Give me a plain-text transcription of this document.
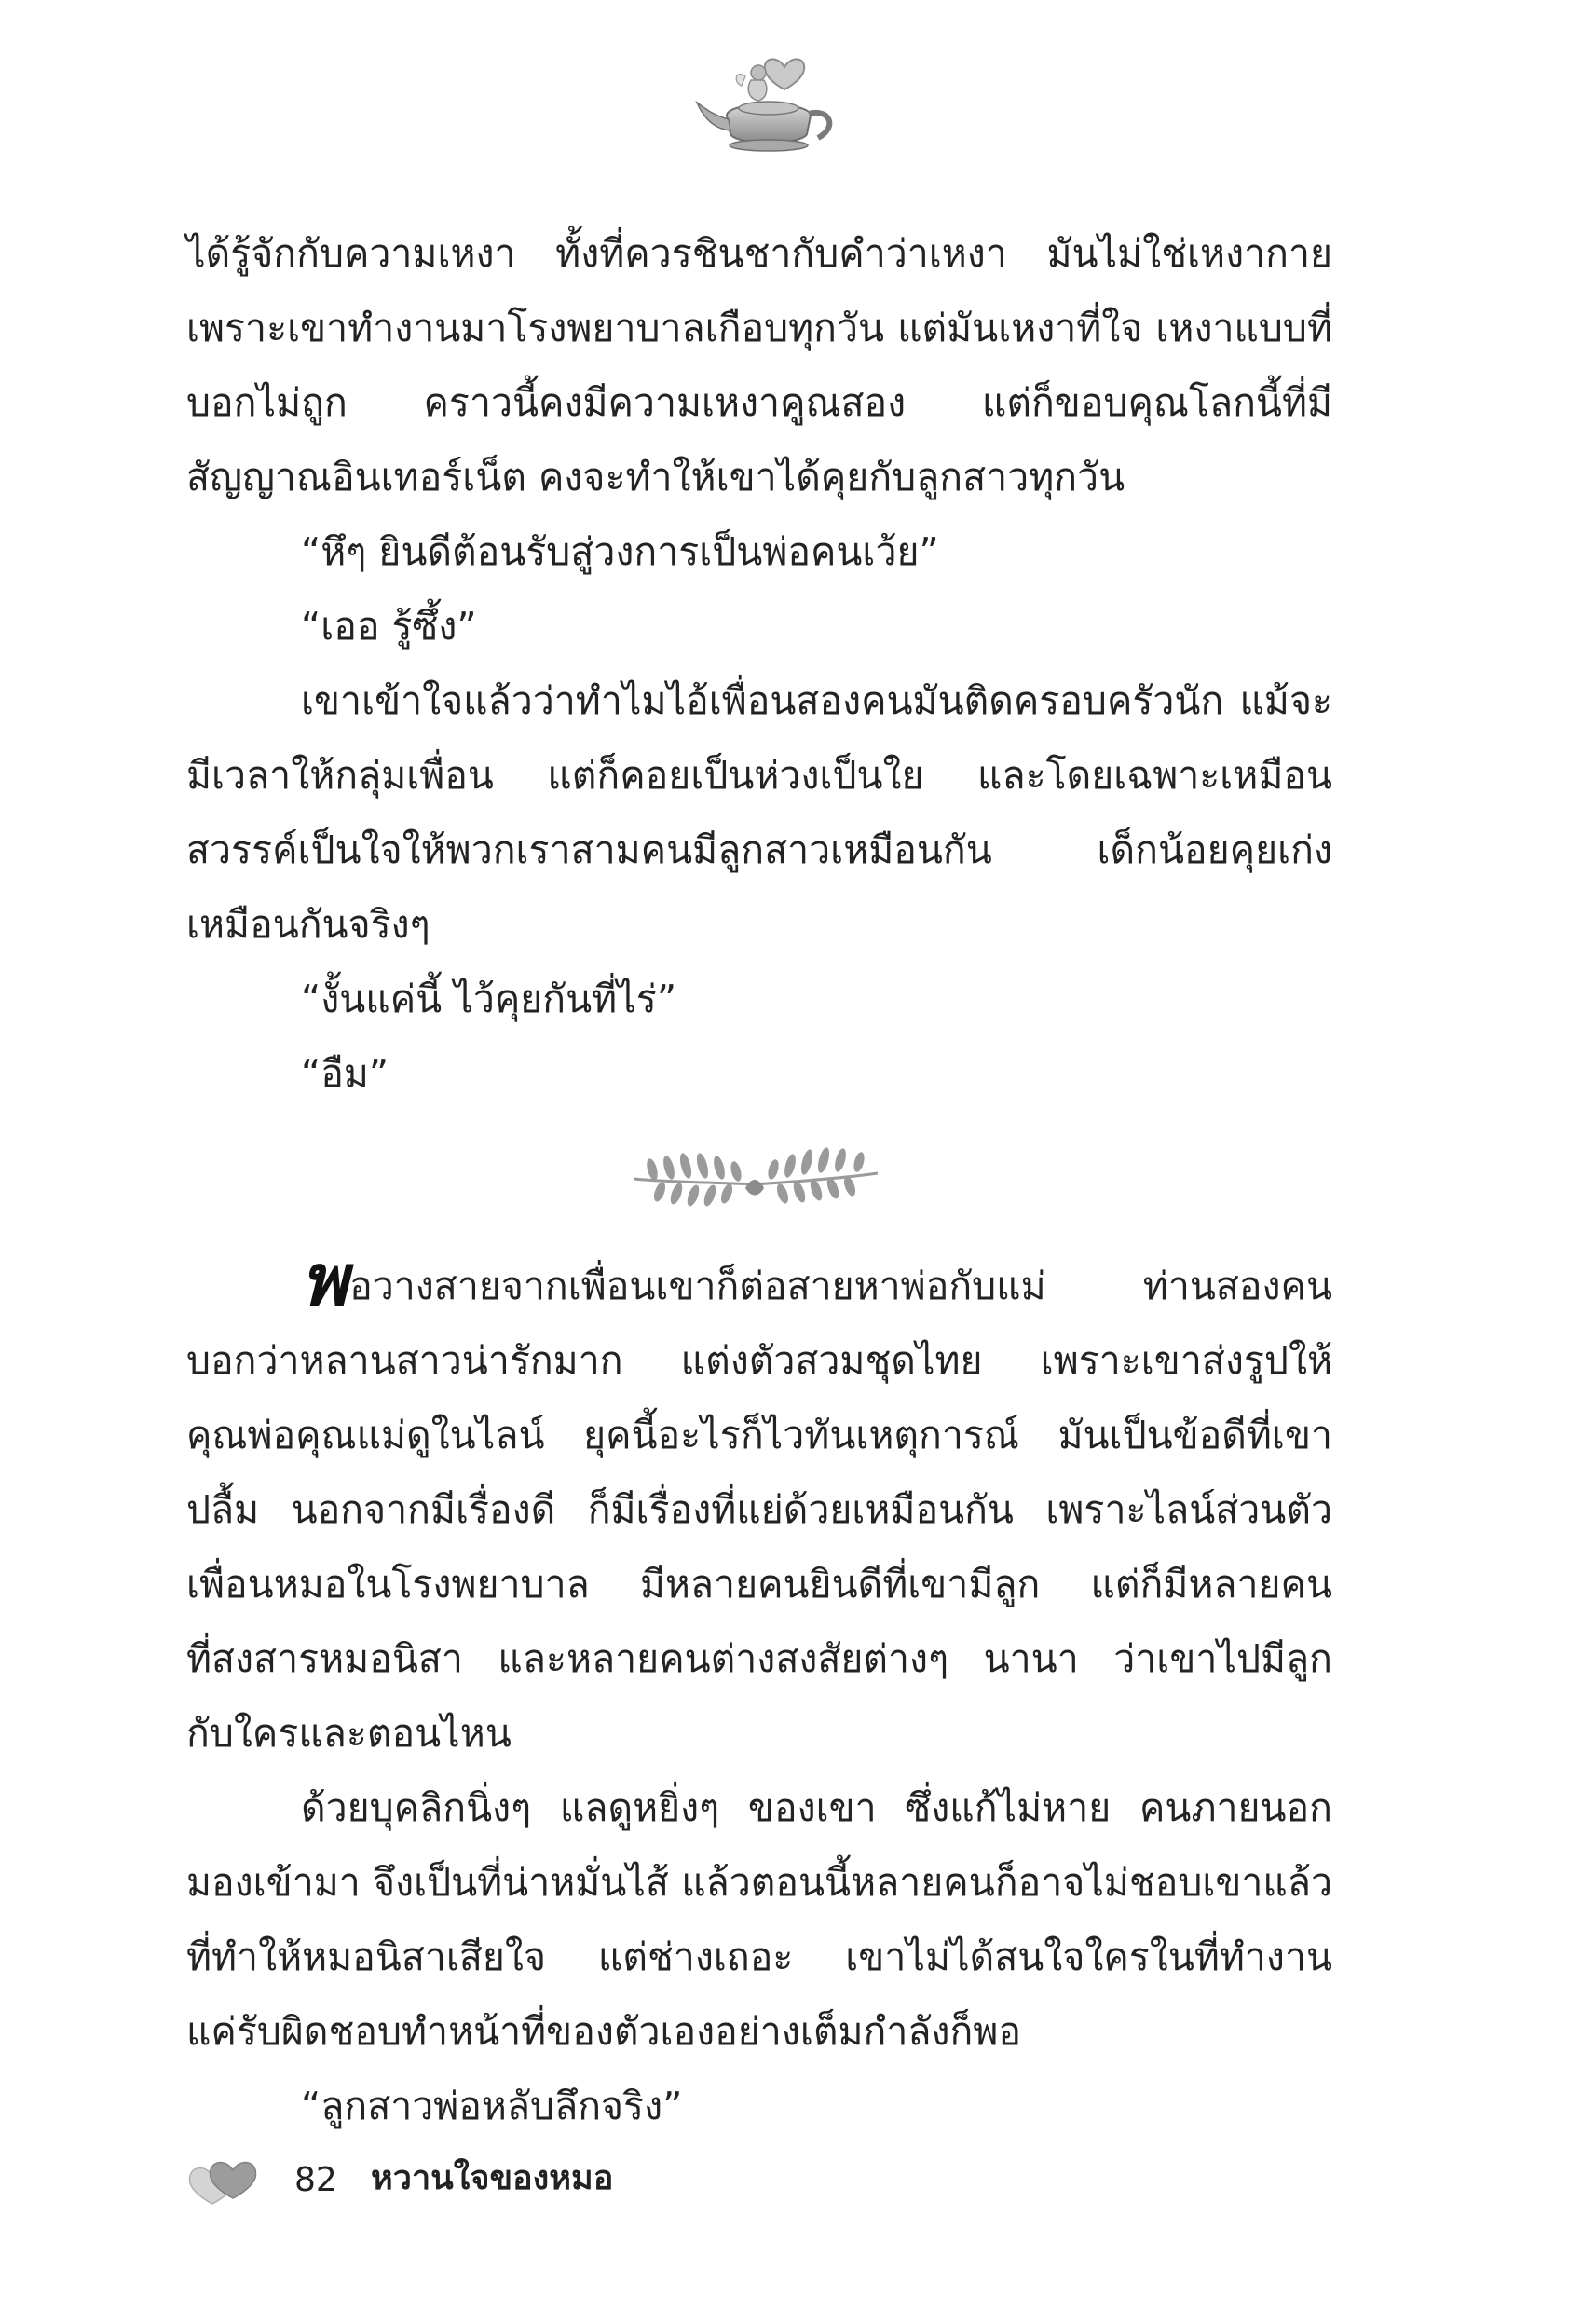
ได้รู้จักกับความเหงา ทั้งที่ควรชินชากับคำว่าเหงา มันไม่ใช่เหงากาย
เพราะเขาทำงานมาโรงพยาบาลเกือบทุกวัน แต่มันเหงาที่ใจ เหงาแบบที่
บอกไม่ถูก คราวนี้คงมีความเหงาคูณสอง แต่ก็ขอบคุณโลกนี้ที่มี
สัญญาณอินเทอร์เน็ต คงจะทำให้เขาได้คุยกับลูกสาวทุกวัน
“หึๆ ยินดีต้อนรับสู่วงการเป็นพ่อคนเว้ย”
“เออ รู้ซึ้ง”
เขาเข้าใจแล้วว่าทำไมไอ้เพื่อนสองคนมันติดครอบครัวนัก แม้จะ
มีเวลาให้กลุ่มเพื่อน แต่ก็คอยเป็นห่วงเป็นใย และโดยเฉพาะเหมือน
สวรรค์เป็นใจให้พวกเราสามคนมีลูกสาวเหมือนกัน เด็กน้อยคุยเก่ง
เหมือนกันจริงๆ
“งั้นแค่นี้ ไว้คุยกันที่ไร่”
“อืม”
พอวางสายจากเพื่อนเขาก็ต่อสายหาพ่อกับแม่ ท่านสองคน
บอกว่าหลานสาวน่ารักมาก แต่งตัวสวมชุดไทย เพราะเขาส่งรูปให้
คุณพ่อคุณแม่ดูในไลน์ ยุคนี้อะไรก็ไวทันเหตุการณ์ มันเป็นข้อดีที่เขา
ปลื้ม นอกจากมีเรื่องดี ก็มีเรื่องที่แย่ด้วยเหมือนกัน เพราะไลน์ส่วนตัว
เพื่อนหมอในโรงพยาบาล มีหลายคนยินดีที่เขามีลูก แต่ก็มีหลายคน
ที่สงสารหมอนิสา และหลายคนต่างสงสัยต่างๆ นานา ว่าเขาไปมีลูก
กับใครและตอนไหน
ด้วยบุคลิกนิ่งๆ แลดูหยิ่งๆ ของเขา ซึ่งแก้ไม่หาย คนภายนอก
มองเข้ามา จึงเป็นที่น่าหมั่นไส้ แล้วตอนนี้หลายคนก็อาจไม่ชอบเขาแล้ว
ที่ทำให้หมอนิสาเสียใจ แต่ช่างเถอะ เขาไม่ได้สนใจใครในที่ทำงาน
แค่รับผิดชอบทำหน้าที่ของตัวเองอย่างเต็มกำลังก็พอ
“ลูกสาวพ่อหลับลึกจริง”
82 หวานใจของหมอ
